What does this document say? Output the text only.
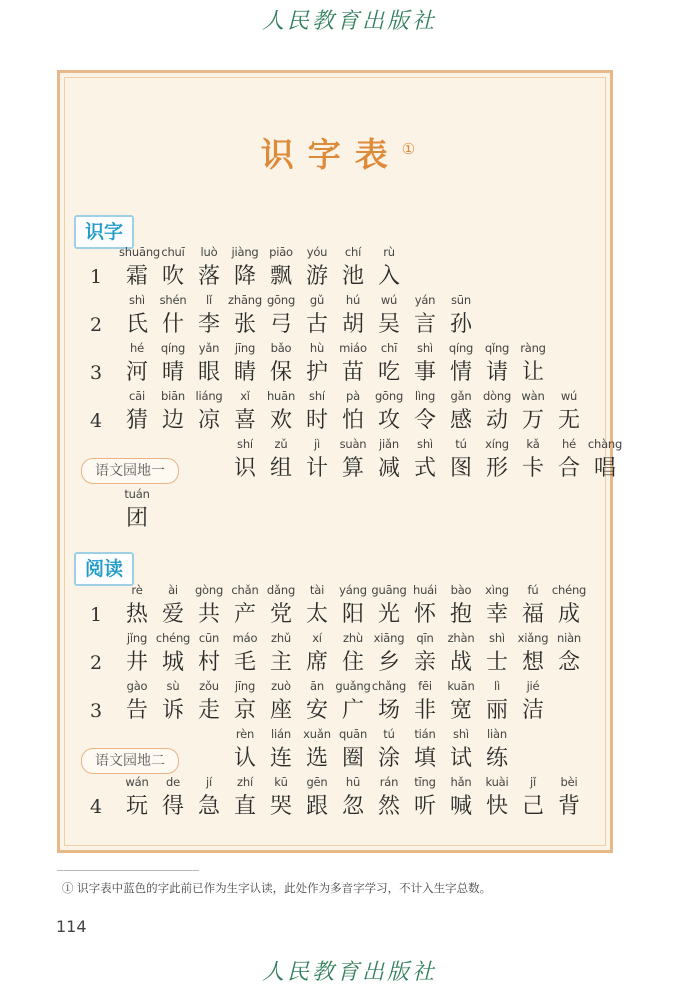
人民教育出版社
识字表①
识字
1
shuāng
霜
chuī
吹
luò
落
jiàng
降
piāo
飘
yóu
游
chí
池
rù
入
2
shì
氏
shén
什
lǐ
李
zhāng
张
gōng
弓
gǔ
古
hú
胡
wú
吴
yán
言
sūn
孙
3
hé
河
qíng
晴
yǎn
眼
jīng
睛
bǎo
保
hù
护
miáo
苗
chī
吃
shì
事
qíng
情
qǐng
请
ràng
让
4
cāi
猜
biān
边
liáng
凉
xǐ
喜
huān
欢
shí
时
pà
怕
gōng
攻
lìng
令
gǎn
感
dòng
动
wàn
万
wú
无
语文园地一
shí
识
zǔ
组
jì
计
suàn
算
jiǎn
减
shì
式
tú
图
xíng
形
kǎ
卡
hé
合
chàng
唱
tuán
团
阅读
1
rè
热
ài
爱
gòng
共
chǎn
产
dǎng
党
tài
太
yáng
阳
guāng
光
huái
怀
bào
抱
xìng
幸
fú
福
chéng
成
2
jǐng
井
chéng
城
cūn
村
máo
毛
zhǔ
主
xí
席
zhù
住
xiāng
乡
qīn
亲
zhàn
战
shì
士
xiǎng
想
niàn
念
3
gào
告
sù
诉
zǒu
走
jīng
京
zuò
座
ān
安
guǎng
广
chǎng
场
fēi
非
kuān
宽
lì
丽
jié
洁
语文园地二
rèn
认
lián
连
xuǎn
选
quān
圈
tú
涂
tián
填
shì
试
liàn
练
4
wán
玩
de
得
jí
急
zhí
直
kū
哭
gēn
跟
hū
忽
rán
然
tīng
听
hǎn
喊
kuài
快
jǐ
己
bèi
背
① 识字表中蓝色的字此前已作为生字认读，此处作为多音字学习，不计入生字总数。
114
人民教育出版社
